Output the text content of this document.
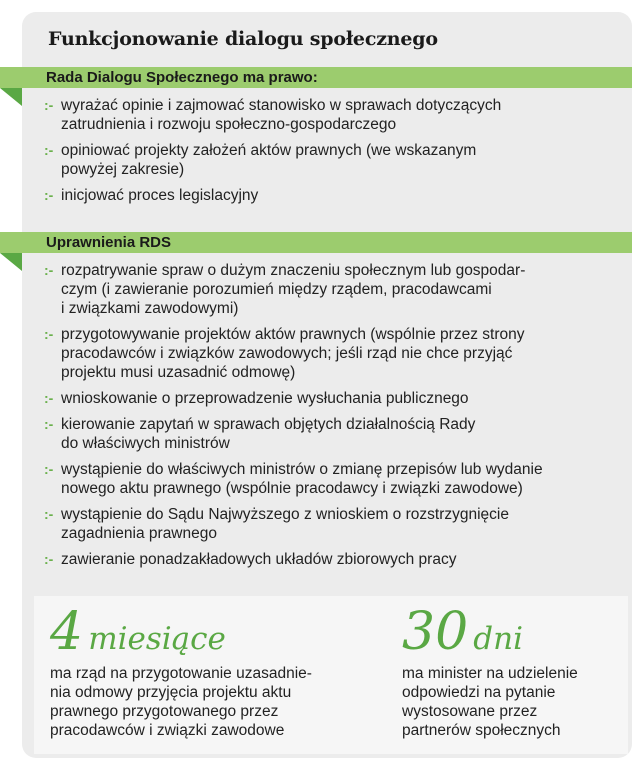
Funkcjonowanie dialogu społecznego
Rada Dialogu Społecznego ma prawo:
:- wyrażać opinie i zajmować stanowisko w sprawach dotyczących
zatrudnienia i rozwoju społeczno-gospodarczego
:- opiniować projekty założeń aktów prawnych (we wskazanym
powyżej zakresie)
:- inicjować proces legislacyjny
Uprawnienia RDS
:- rozpatrywanie spraw o dużym znaczeniu społecznym lub gospodar-
czym (i zawieranie porozumień między rządem, pracodawcami
i związkami zawodowymi)
:- przygotowywanie projektów aktów prawnych (wspólnie przez strony
pracodawców i związków zawodowych; jeśli rząd nie chce przyjąć
projektu musi uzasadnić odmowę)
:- wnioskowanie o przeprowadzenie wysłuchania publicznego
:- kierowanie zapytań w sprawach objętych działalnością Rady
do właściwych ministrów
:- wystąpienie do właściwych ministrów o zmianę przepisów lub wydanie
nowego aktu prawnego (wspólnie pracodawcy i związki zawodowe)
:- wystąpienie do Sądu Najwyższego z wnioskiem o rozstrzygnięcie
zagadnienia prawnego
:- zawieranie ponadzakładowych układów zbiorowych pracy
4 miesiące

ma rząd na przygotowanie uzasadnie-
nia odmowy przyjęcia projektu aktu
prawnego przygotowanego przez
pracodawców i związki zawodowe

30 dni

ma minister na udzielenie
odpowiedzi na pytanie
wystosowane przez
partnerów społecznych
